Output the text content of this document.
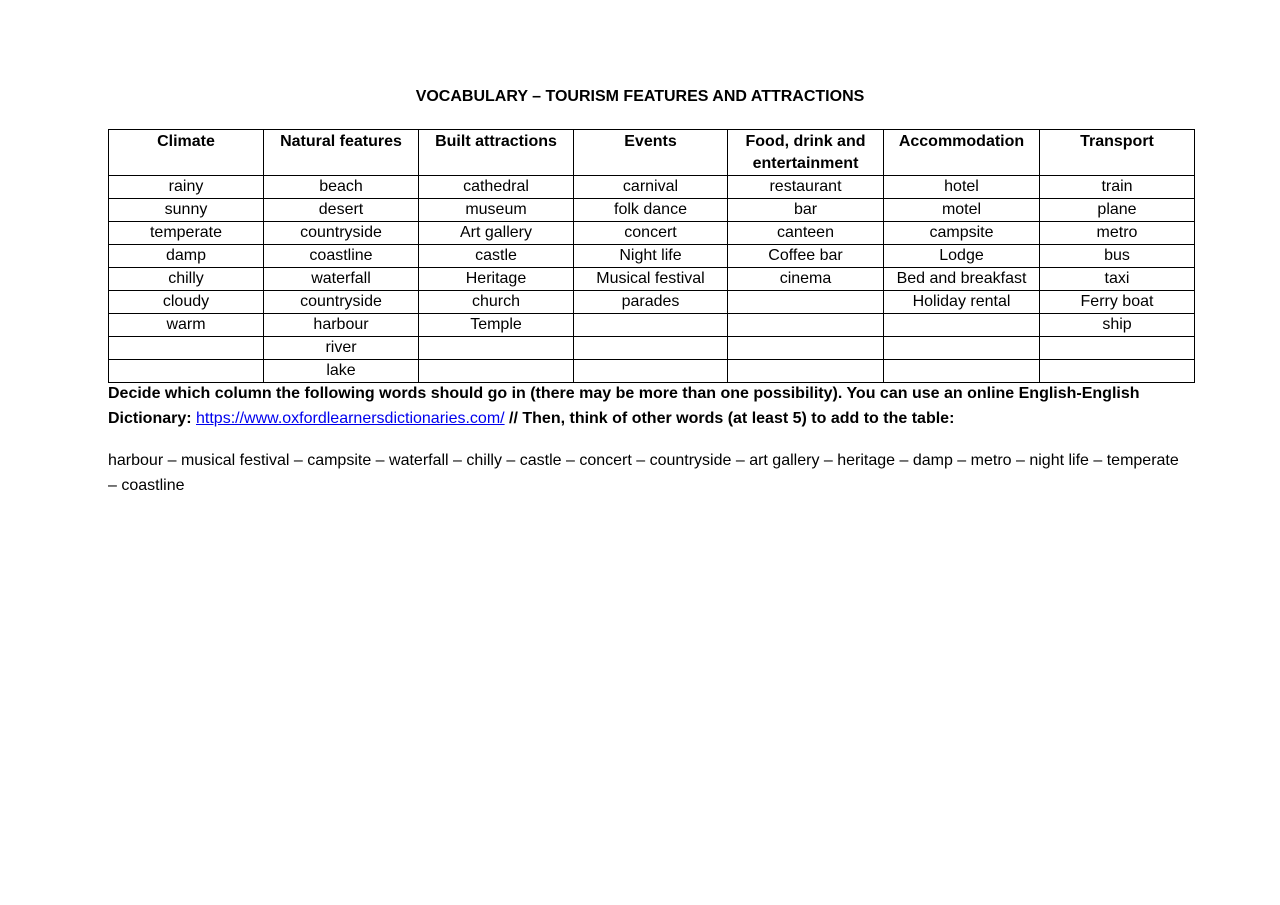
VOCABULARY – TOURISM FEATURES AND ATTRACTIONS
Climate	Natural features	Built attractions	Events	Food, drink and entertainment	Accommodation	Transport
rainy	beach	cathedral	carnival	restaurant	hotel	train
sunny	desert	museum	folk dance	bar	motel	plane
temperate	countryside	Art gallery	concert	canteen	campsite	metro
damp	coastline	castle	Night life	Coffee bar	Lodge	bus
chilly	waterfall	Heritage	Musical festival	cinema	Bed and breakfast	taxi
cloudy	countryside	church	parades		Holiday rental	Ferry boat
warm	harbour	Temple				ship
	river					
	lake					
Decide which column the following words should go in (there may be more than one possibility). You can use an online English-English Dictionary: https://www.oxfordlearnersdictionaries.com/ // Then, think of other words (at least 5) to add to the table:
harbour – musical festival – campsite – waterfall – chilly – castle – concert – countryside – art gallery – heritage – damp – metro – night life – temperate – coastline
